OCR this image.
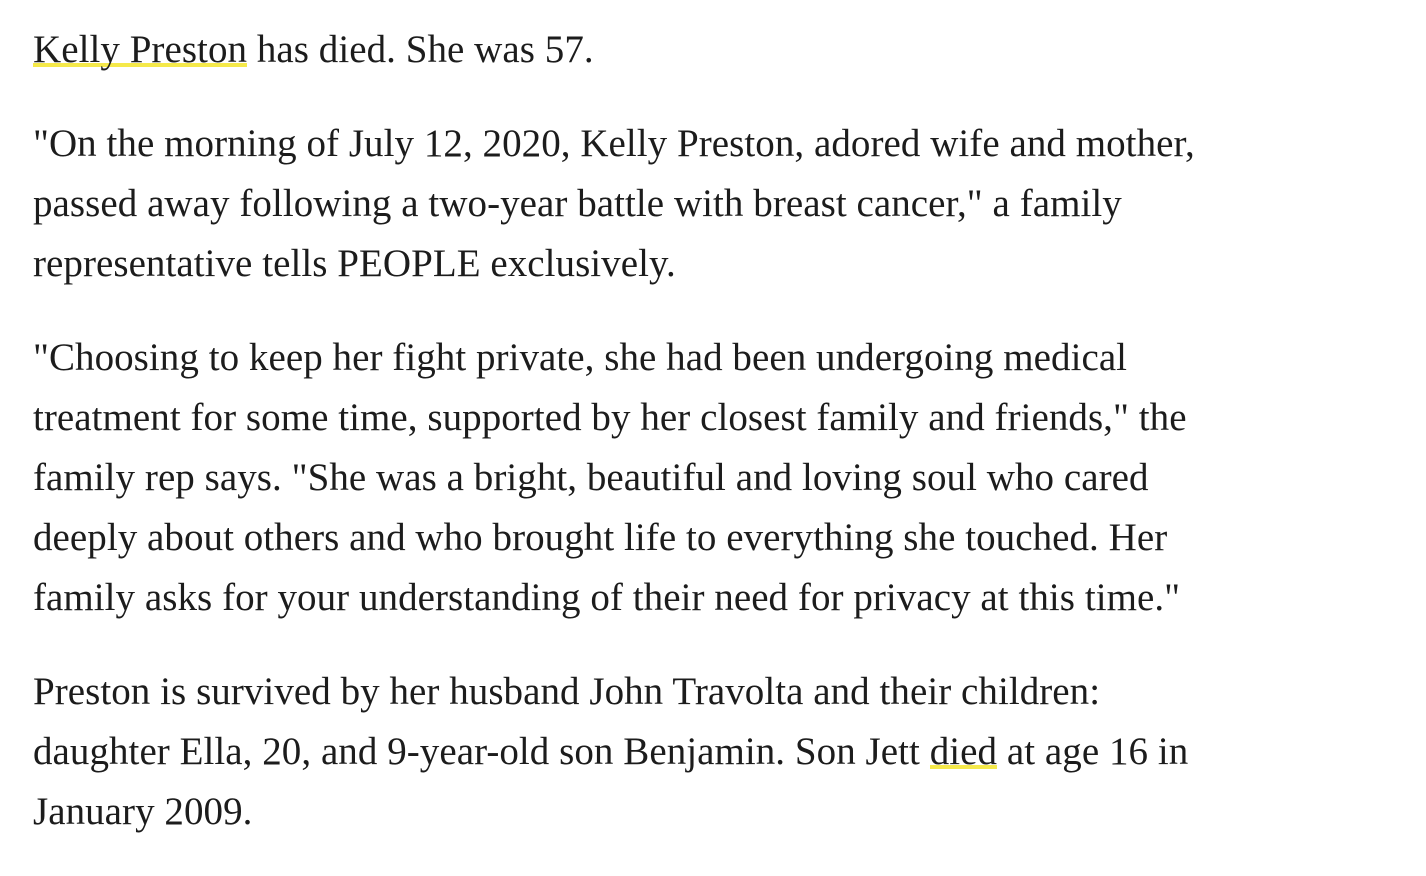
Kelly Preston has died. She was 57.

"On the morning of July 12, 2020, Kelly Preston, adored wife and mother,
passed away following a two-year battle with breast cancer," a family
representative tells PEOPLE exclusively.

"Choosing to keep her fight private, she had been undergoing medical
treatment for some time, supported by her closest family and friends," the
family rep says. "She was a bright, beautiful and loving soul who cared
deeply about others and who brought life to everything she touched. Her
family asks for your understanding of their need for privacy at this time."

Preston is survived by her husband John Travolta and their children:
daughter Ella, 20, and 9-year-old son Benjamin. Son Jett died at age 16 in
January 2009.
